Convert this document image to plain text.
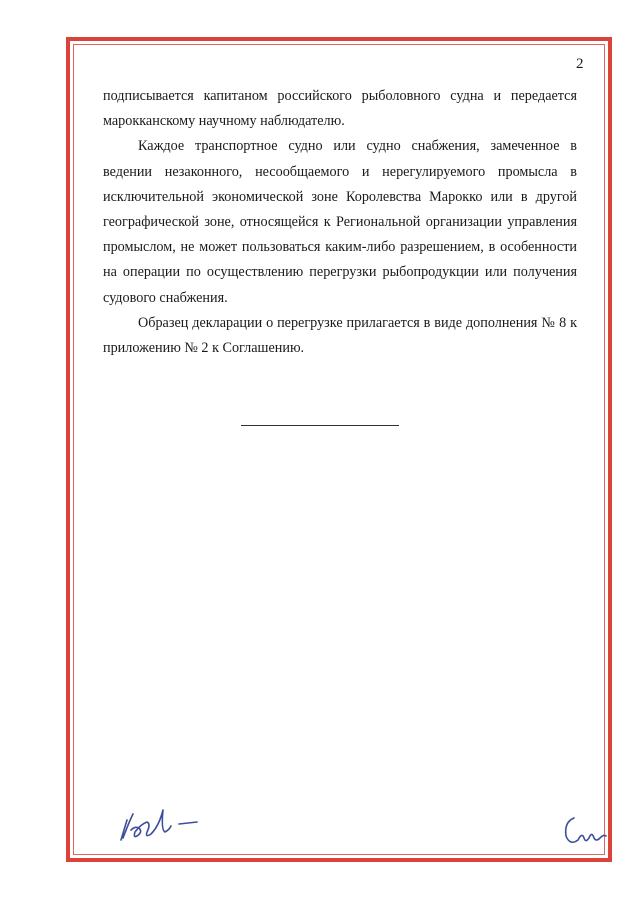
2

подписывается капитаном российского рыболовного судна и передается марокканскому научному наблюдателю.

Каждое транспортное судно или судно снабжения, замеченное в ведении незаконного, несообщаемого и нерегулируемого промысла в исключительной экономической зоне Королевства Марокко или в другой географической зоне, относящейся к Региональной организации управления промыслом, не может пользоваться каким-либо разрешением, в особенности на операции по осуществлению перегрузки рыбопродукции или получения судового снабжения.

Образец декларации о перегрузке прилагается в виде дополнения № 8 к приложению № 2 к Соглашению.
